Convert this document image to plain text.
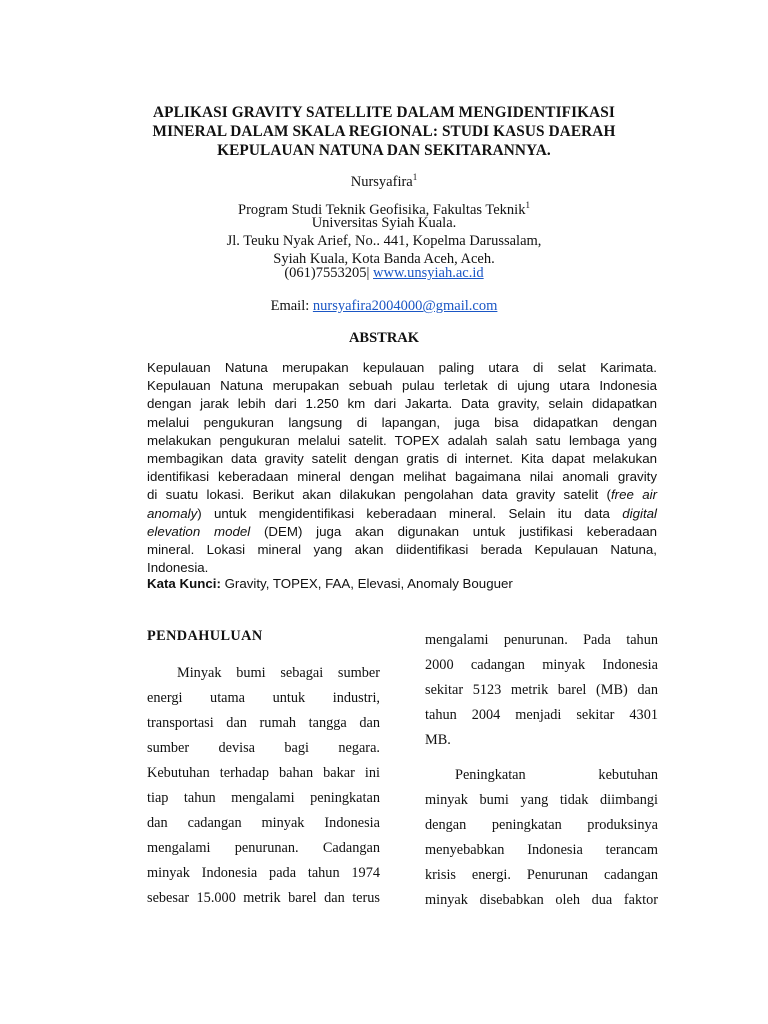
APLIKASI GRAVITY SATELLITE DALAM MENGIDENTIFIKASI
MINERAL DALAM SKALA REGIONAL: STUDI KASUS DAERAH
KEPULAUAN NATUNA DAN SEKITARANNYA.
Nursyafira$^1$
Program Studi Teknik Geofisika, Fakultas Teknik$^1$
Universitas Syiah Kuala.
Jl. Teuku Nyak Arief, No.. 441, Kopelma Darussalam,
Syiah Kuala, Kota Banda Aceh, Aceh.
(061)7553205| www.unsyiah.ac.id
Email: nursyafira2004000@gmail.com
ABSTRAK
Kepulauan Natuna merupakan kepulauan paling utara di selat Karimata.
Kepulauan Natuna merupakan sebuah pulau terletak di ujung utara Indonesia
dengan jarak lebih dari 1.250 km dari Jakarta. Data gravity, selain didapatkan
melalui pengukuran langsung di lapangan, juga bisa didapatkan dengan
melakukan pengukuran melalui satelit. TOPEX adalah salah satu lembaga yang
membagikan data gravity satelit dengan gratis di internet. Kita dapat melakukan
identifikasi keberadaan mineral dengan melihat bagaimana nilai anomali gravity
di suatu lokasi. Berikut akan dilakukan pengolahan data gravity satelit (free air
anomaly) untuk mengidentifikasi keberadaan mineral. Selain itu data digital
elevation model (DEM) juga akan digunakan untuk justifikasi keberadaan
mineral. Lokasi mineral yang akan diidentifikasi berada Kepulauan Natuna,
Indonesia.
Kata Kunci: Gravity, TOPEX, FAA, Elevasi, Anomaly Bouguer
PENDAHULUAN
Minyak bumi sebagai sumber
energi utama untuk industri,
transportasi dan rumah tangga dan
sumber devisa bagi negara.
Kebutuhan terhadap bahan bakar ini
tiap tahun mengalami peningkatan
dan cadangan minyak Indonesia
mengalami penurunan. Cadangan
minyak Indonesia pada tahun 1974
sebesar 15.000 metrik barel dan terus
mengalami penurunan. Pada tahun
2000 cadangan minyak Indonesia
sekitar 5123 metrik barel (MB) dan
tahun 2004 menjadi sekitar 4301
MB.
Peningkatan kebutuhan
minyak bumi yang tidak diimbangi
dengan peningkatan produksinya
menyebabkan Indonesia terancam
krisis energi. Penurunan cadangan
minyak disebabkan oleh dua faktor
